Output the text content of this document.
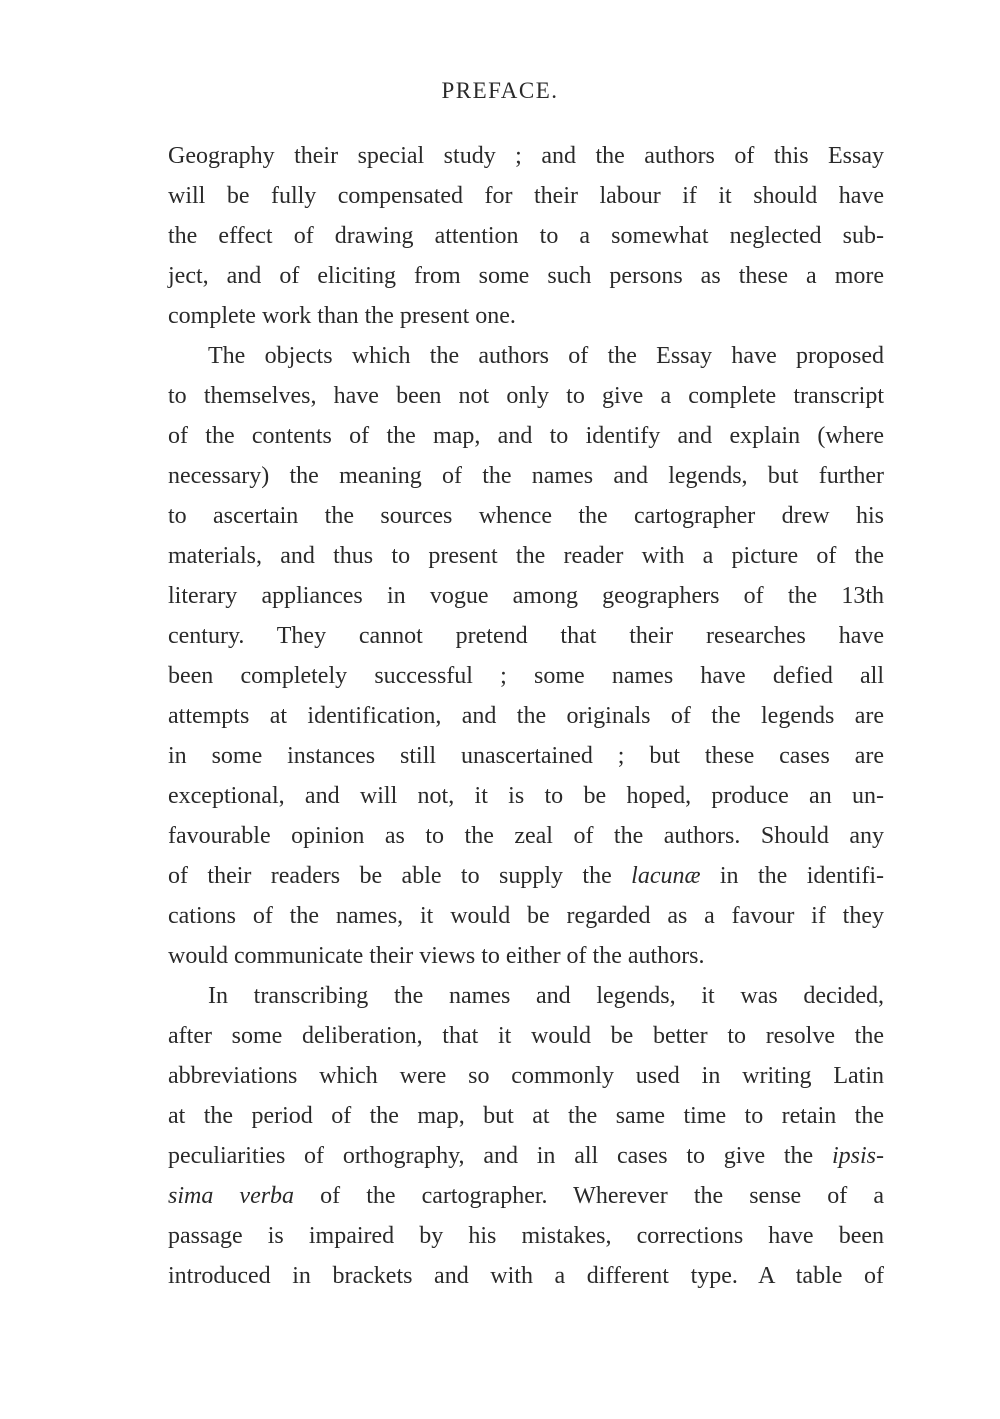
PREFACE.
Geography their special study ; and the authors of this Essay
will be fully compensated for their labour if it should have
the effect of drawing attention to a somewhat neglected sub-
ject, and of eliciting from some such persons as these a more
complete work than the present one.
The objects which the authors of the Essay have proposed
to themselves, have been not only to give a complete transcript
of the contents of the map, and to identify and explain (where
necessary) the meaning of the names and legends, but further
to ascertain the sources whence the cartographer drew his
materials, and thus to present the reader with a picture of the
literary appliances in vogue among geographers of the 13th
century. They cannot pretend that their researches have
been completely successful ; some names have defied all
attempts at identification, and the originals of the legends are
in some instances still unascertained ; but these cases are
exceptional, and will not, it is to be hoped, produce an un-
favourable opinion as to the zeal of the authors. Should any
of their readers be able to supply the lacunæ in the identifi-
cations of the names, it would be regarded as a favour if they
would communicate their views to either of the authors.
In transcribing the names and legends, it was decided,
after some deliberation, that it would be better to resolve the
abbreviations which were so commonly used in writing Latin
at the period of the map, but at the same time to retain the
peculiarities of orthography, and in all cases to give the ipsis-
sima verba of the cartographer. Wherever the sense of a
passage is impaired by his mistakes, corrections have been
introduced in brackets and with a different type. A table of
